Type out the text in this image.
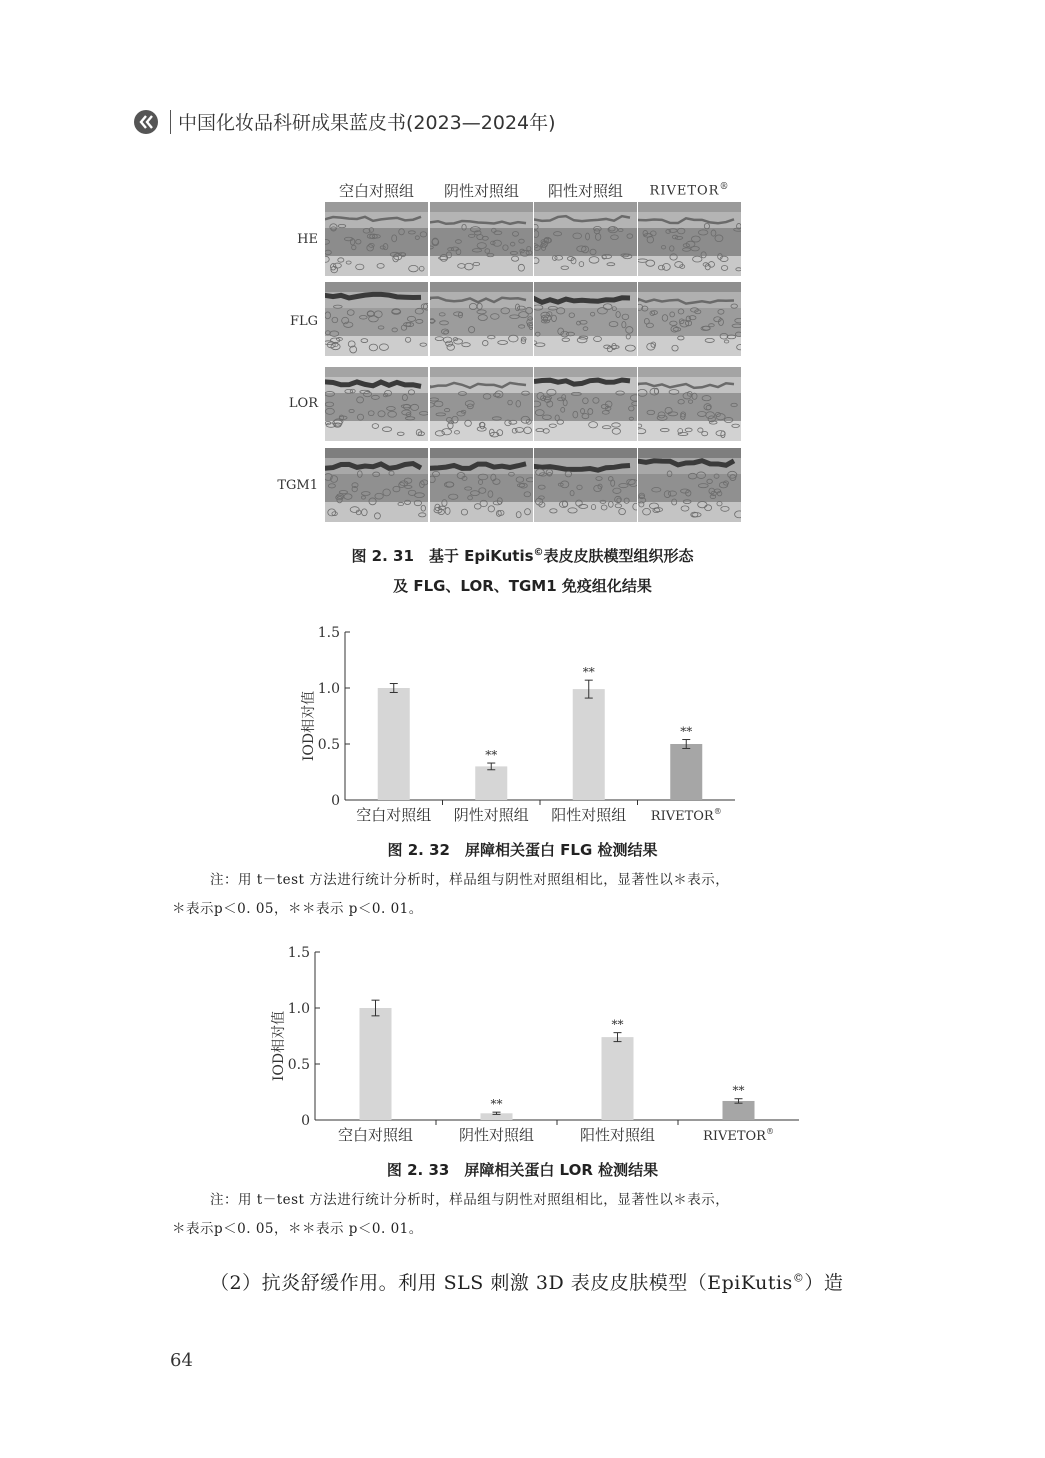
中国化妆品科研成果蓝皮书(2023—2024年)
空白对照组	阴性对照组	阳性对照组	RIVETOR®
HE
FLG
LOR
TGM1
图 2. 31　基于 EpiKutis©表皮皮肤模型组织形态
及 FLG、LOR、TGM1 免疫组化结果
0
0.5
1.0
1.5
IOD相对值
空白对照组
**
阴性对照组
**
阳性对照组
**
RIVETOR®
图 2. 32　屏障相关蛋白 FLG 检测结果
注：用 t－test 方法进行统计分析时，样品组与阴性对照组相比，显著性以＊表示，
＊表示p＜0. 05，＊＊表示 p＜0. 01。
0
0.5
1.0
1.5
IOD相对值
空白对照组
**
阴性对照组
**
阳性对照组
**
RIVETOR®
图 2. 33　屏障相关蛋白 LOR 检测结果
注：用 t－test 方法进行统计分析时，样品组与阴性对照组相比，显著性以＊表示，
＊表示p＜0. 05，＊＊表示 p＜0. 01。
（2）抗炎舒缓作用。利用 SLS 刺激 3D 表皮皮肤模型（EpiKutis©）造
64
